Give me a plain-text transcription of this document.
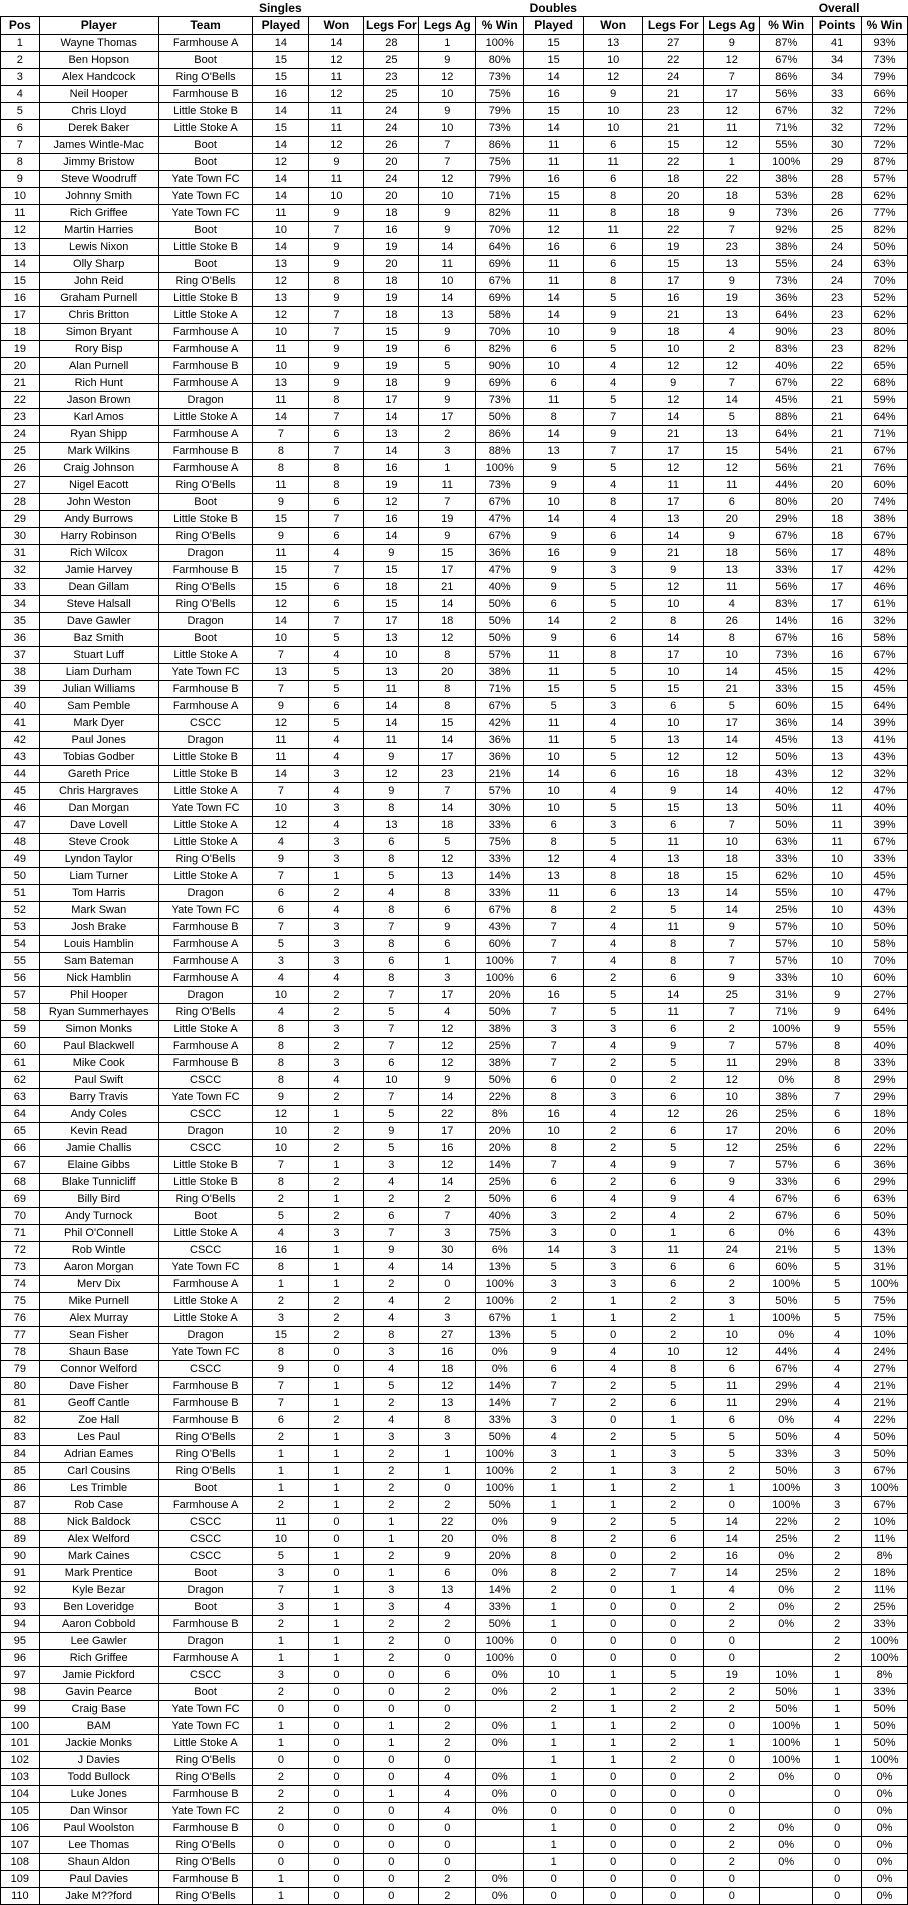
			Singles					Doubles					Overall	
Pos	Player	Team	Played	Won	Legs For	Legs Ag	% Win	Played	Won	Legs For	Legs Ag	% Win	Points	% Win
1	Wayne Thomas	Farmhouse A	14	14	28	1	100%	15	13	27	9	87%	41	93%
2	Ben Hopson	Boot	15	12	25	9	80%	15	10	22	12	67%	34	73%
3	Alex Handcock	Ring O'Bells	15	11	23	12	73%	14	12	24	7	86%	34	79%
4	Neil Hooper	Farmhouse B	16	12	25	10	75%	16	9	21	17	56%	33	66%
5	Chris Lloyd	Little Stoke B	14	11	24	9	79%	15	10	23	12	67%	32	72%
6	Derek Baker	Little Stoke A	15	11	24	10	73%	14	10	21	11	71%	32	72%
7	James Wintle-Mac	Boot	14	12	26	7	86%	11	6	15	12	55%	30	72%
8	Jimmy Bristow	Boot	12	9	20	7	75%	11	11	22	1	100%	29	87%
9	Steve Woodruff	Yate Town FC	14	11	24	12	79%	16	6	18	22	38%	28	57%
10	Johnny Smith	Yate Town FC	14	10	20	10	71%	15	8	20	18	53%	28	62%
11	Rich Griffee	Yate Town FC	11	9	18	9	82%	11	8	18	9	73%	26	77%
12	Martin Harries	Boot	10	7	16	9	70%	12	11	22	7	92%	25	82%
13	Lewis Nixon	Little Stoke B	14	9	19	14	64%	16	6	19	23	38%	24	50%
14	Olly Sharp	Boot	13	9	20	11	69%	11	6	15	13	55%	24	63%
15	John Reid	Ring O'Bells	12	8	18	10	67%	11	8	17	9	73%	24	70%
16	Graham Purnell	Little Stoke B	13	9	19	14	69%	14	5	16	19	36%	23	52%
17	Chris Britton	Little Stoke A	12	7	18	13	58%	14	9	21	13	64%	23	62%
18	Simon Bryant	Farmhouse A	10	7	15	9	70%	10	9	18	4	90%	23	80%
19	Rory Bisp	Farmhouse A	11	9	19	6	82%	6	5	10	2	83%	23	82%
20	Alan Purnell	Farmhouse B	10	9	19	5	90%	10	4	12	12	40%	22	65%
21	Rich Hunt	Farmhouse A	13	9	18	9	69%	6	4	9	7	67%	22	68%
22	Jason Brown	Dragon	11	8	17	9	73%	11	5	12	14	45%	21	59%
23	Karl Amos	Little Stoke A	14	7	14	17	50%	8	7	14	5	88%	21	64%
24	Ryan Shipp	Farmhouse A	7	6	13	2	86%	14	9	21	13	64%	21	71%
25	Mark Wilkins	Farmhouse B	8	7	14	3	88%	13	7	17	15	54%	21	67%
26	Craig Johnson	Farmhouse A	8	8	16	1	100%	9	5	12	12	56%	21	76%
27	Nigel Eacott	Ring O'Bells	11	8	19	11	73%	9	4	11	11	44%	20	60%
28	John Weston	Boot	9	6	12	7	67%	10	8	17	6	80%	20	74%
29	Andy Burrows	Little Stoke B	15	7	16	19	47%	14	4	13	20	29%	18	38%
30	Harry Robinson	Ring O'Bells	9	6	14	9	67%	9	6	14	9	67%	18	67%
31	Rich Wilcox	Dragon	11	4	9	15	36%	16	9	21	18	56%	17	48%
32	Jamie Harvey	Farmhouse B	15	7	15	17	47%	9	3	9	13	33%	17	42%
33	Dean Gillam	Ring O'Bells	15	6	18	21	40%	9	5	12	11	56%	17	46%
34	Steve Halsall	Ring O'Bells	12	6	15	14	50%	6	5	10	4	83%	17	61%
35	Dave Gawler	Dragon	14	7	17	18	50%	14	2	8	26	14%	16	32%
36	Baz Smith	Boot	10	5	13	12	50%	9	6	14	8	67%	16	58%
37	Stuart Luff	Little Stoke A	7	4	10	8	57%	11	8	17	10	73%	16	67%
38	Liam Durham	Yate Town FC	13	5	13	20	38%	11	5	10	14	45%	15	42%
39	Julian Williams	Farmhouse B	7	5	11	8	71%	15	5	15	21	33%	15	45%
40	Sam Pemble	Farmhouse A	9	6	14	8	67%	5	3	6	5	60%	15	64%
41	Mark Dyer	CSCC	12	5	14	15	42%	11	4	10	17	36%	14	39%
42	Paul Jones	Dragon	11	4	11	14	36%	11	5	13	14	45%	13	41%
43	Tobias Godber	Little Stoke B	11	4	9	17	36%	10	5	12	12	50%	13	43%
44	Gareth Price	Little Stoke B	14	3	12	23	21%	14	6	16	18	43%	12	32%
45	Chris Hargraves	Little Stoke A	7	4	9	7	57%	10	4	9	14	40%	12	47%
46	Dan Morgan	Yate Town FC	10	3	8	14	30%	10	5	15	13	50%	11	40%
47	Dave Lovell	Little Stoke A	12	4	13	18	33%	6	3	6	7	50%	11	39%
48	Steve Crook	Little Stoke A	4	3	6	5	75%	8	5	11	10	63%	11	67%
49	Lyndon Taylor	Ring O'Bells	9	3	8	12	33%	12	4	13	18	33%	10	33%
50	Liam Turner	Little Stoke A	7	1	5	13	14%	13	8	18	15	62%	10	45%
51	Tom Harris	Dragon	6	2	4	8	33%	11	6	13	14	55%	10	47%
52	Mark Swan	Yate Town FC	6	4	8	6	67%	8	2	5	14	25%	10	43%
53	Josh Brake	Farmhouse B	7	3	7	9	43%	7	4	11	9	57%	10	50%
54	Louis Hamblin	Farmhouse A	5	3	8	6	60%	7	4	8	7	57%	10	58%
55	Sam Bateman	Farmhouse A	3	3	6	1	100%	7	4	8	7	57%	10	70%
56	Nick Hamblin	Farmhouse A	4	4	8	3	100%	6	2	6	9	33%	10	60%
57	Phil Hooper	Dragon	10	2	7	17	20%	16	5	14	25	31%	9	27%
58	Ryan Summerhayes	Ring O'Bells	4	2	5	4	50%	7	5	11	7	71%	9	64%
59	Simon Monks	Little Stoke A	8	3	7	12	38%	3	3	6	2	100%	9	55%
60	Paul Blackwell	Farmhouse A	8	2	7	12	25%	7	4	9	7	57%	8	40%
61	Mike Cook	Farmhouse B	8	3	6	12	38%	7	2	5	11	29%	8	33%
62	Paul Swift	CSCC	8	4	10	9	50%	6	0	2	12	0%	8	29%
63	Barry Travis	Yate Town FC	9	2	7	14	22%	8	3	6	10	38%	7	29%
64	Andy Coles	CSCC	12	1	5	22	8%	16	4	12	26	25%	6	18%
65	Kevin Read	Dragon	10	2	9	17	20%	10	2	6	17	20%	6	20%
66	Jamie Challis	CSCC	10	2	5	16	20%	8	2	5	12	25%	6	22%
67	Elaine Gibbs	Little Stoke B	7	1	3	12	14%	7	4	9	7	57%	6	36%
68	Blake Tunnicliff	Little Stoke B	8	2	4	14	25%	6	2	6	9	33%	6	29%
69	Billy Bird	Ring O'Bells	2	1	2	2	50%	6	4	9	4	67%	6	63%
70	Andy Turnock	Boot	5	2	6	7	40%	3	2	4	2	67%	6	50%
71	Phil O'Connell	Little Stoke A	4	3	7	3	75%	3	0	1	6	0%	6	43%
72	Rob Wintle	CSCC	16	1	9	30	6%	14	3	11	24	21%	5	13%
73	Aaron Morgan	Yate Town FC	8	1	4	14	13%	5	3	6	6	60%	5	31%
74	Merv Dix	Farmhouse A	1	1	2	0	100%	3	3	6	2	100%	5	100%
75	Mike Purnell	Little Stoke A	2	2	4	2	100%	2	1	2	3	50%	5	75%
76	Alex Murray	Little Stoke A	3	2	4	3	67%	1	1	2	1	100%	5	75%
77	Sean Fisher	Dragon	15	2	8	27	13%	5	0	2	10	0%	4	10%
78	Shaun Base	Yate Town FC	8	0	3	16	0%	9	4	10	12	44%	4	24%
79	Connor Welford	CSCC	9	0	4	18	0%	6	4	8	6	67%	4	27%
80	Dave Fisher	Farmhouse B	7	1	5	12	14%	7	2	5	11	29%	4	21%
81	Geoff Cantle	Farmhouse B	7	1	2	13	14%	7	2	6	11	29%	4	21%
82	Zoe Hall	Farmhouse B	6	2	4	8	33%	3	0	1	6	0%	4	22%
83	Les Paul	Ring O'Bells	2	1	3	3	50%	4	2	5	5	50%	4	50%
84	Adrian Eames	Ring O'Bells	1	1	2	1	100%	3	1	3	5	33%	3	50%
85	Carl Cousins	Ring O'Bells	1	1	2	1	100%	2	1	3	2	50%	3	67%
86	Les Trimble	Boot	1	1	2	0	100%	1	1	2	1	100%	3	100%
87	Rob Case	Farmhouse A	2	1	2	2	50%	1	1	2	0	100%	3	67%
88	Nick Baldock	CSCC	11	0	1	22	0%	9	2	5	14	22%	2	10%
89	Alex Welford	CSCC	10	0	1	20	0%	8	2	6	14	25%	2	11%
90	Mark Caines	CSCC	5	1	2	9	20%	8	0	2	16	0%	2	8%
91	Mark Prentice	Boot	3	0	1	6	0%	8	2	7	14	25%	2	18%
92	Kyle Bezar	Dragon	7	1	3	13	14%	2	0	1	4	0%	2	11%
93	Ben Loveridge	Boot	3	1	3	4	33%	1	0	0	2	0%	2	25%
94	Aaron Cobbold	Farmhouse B	2	1	2	2	50%	1	0	0	2	0%	2	33%
95	Lee Gawler	Dragon	1	1	2	0	100%	0	0	0	0		2	100%
96	Rich Griffee	Farmhouse A	1	1	2	0	100%	0	0	0	0		2	100%
97	Jamie Pickford	CSCC	3	0	0	6	0%	10	1	5	19	10%	1	8%
98	Gavin Pearce	Boot	2	0	0	2	0%	2	1	2	2	50%	1	33%
99	Craig Base	Yate Town FC	0	0	0	0		2	1	2	2	50%	1	50%
100	BAM	Yate Town FC	1	0	1	2	0%	1	1	2	0	100%	1	50%
101	Jackie Monks	Little Stoke A	1	0	1	2	0%	1	1	2	1	100%	1	50%
102	J Davies	Ring O'Bells	0	0	0	0		1	1	2	0	100%	1	100%
103	Todd Bullock	Ring O'Bells	2	0	0	4	0%	1	0	0	2	0%	0	0%
104	Luke Jones	Farmhouse B	2	0	1	4	0%	0	0	0	0		0	0%
105	Dan Winsor	Yate Town FC	2	0	0	4	0%	0	0	0	0		0	0%
106	Paul Woolston	Farmhouse B	0	0	0	0		1	0	0	2	0%	0	0%
107	Lee Thomas	Ring O'Bells	0	0	0	0		1	0	0	2	0%	0	0%
108	Shaun Aldon	Ring O'Bells	0	0	0	0		1	0	0	2	0%	0	0%
109	Paul Davies	Farmhouse B	1	0	0	2	0%	0	0	0	0		0	0%
110	Jake M??ford	Ring O'Bells	1	0	0	2	0%	0	0	0	0		0	0%
